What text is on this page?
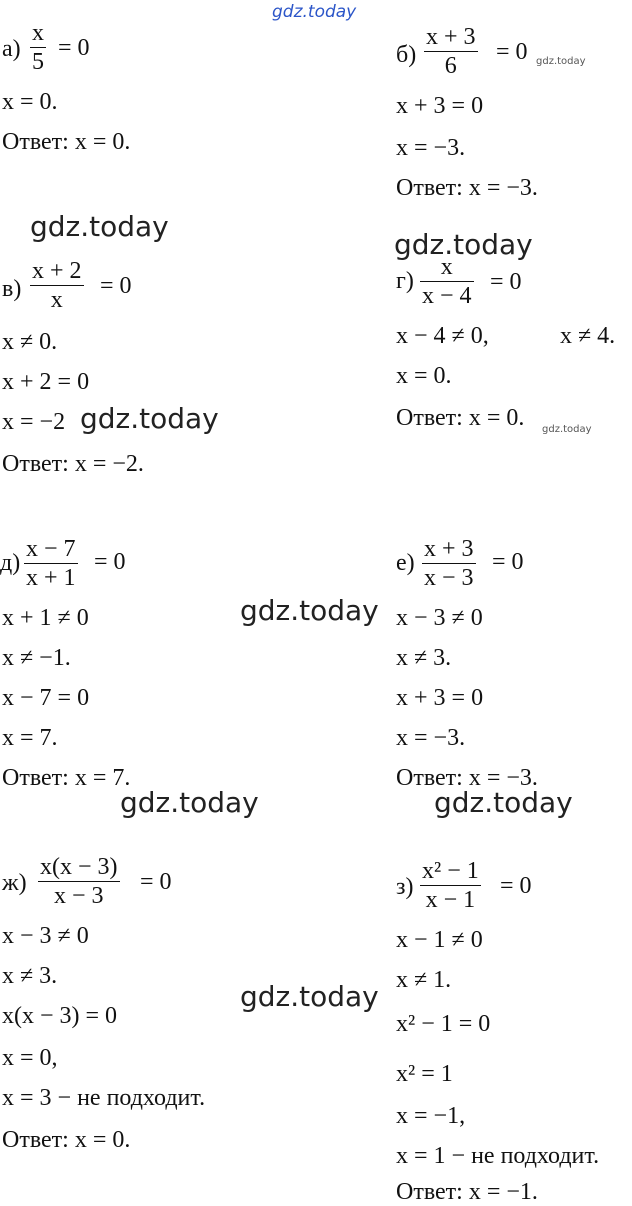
gdz.today
а)
x
5
= 0
x = 0.
Ответ: x = 0.
б)
x + 3
6
= 0 gdz.today
x + 3 = 0
x = −3.
Ответ: x = −3.
gdz.today
gdz.today
в)
x + 2
x
= 0
x ≠ 0.
x + 2 = 0
x = −2 gdz.today
Ответ: x = −2.
г)
x
x − 4
= 0
x − 4 ≠ 0,	x ≠ 4.
x = 0.
Ответ: x = 0. gdz.today
д)
x − 7
x + 1
= 0
x + 1 ≠ 0
x ≠ −1.
x − 7 = 0
x = 7.
Ответ: x = 7.
gdz.today
е)
x + 3
x − 3
= 0
x − 3 ≠ 0
x ≠ 3.
x + 3 = 0
x = −3.
Ответ: x = −3.
gdz.today	gdz.today
ж)
x(x − 3)
x − 3
= 0
x − 3 ≠ 0
x ≠ 3.
x(x − 3) = 0
x = 0,
x = 3 − не подходит.
Ответ: x = 0.
gdz.today
з)
x² − 1
x − 1
= 0
x − 1 ≠ 0
x ≠ 1.
x² − 1 = 0
x² = 1
x = −1,
x = 1 − не подходит.
Ответ: x = −1.
